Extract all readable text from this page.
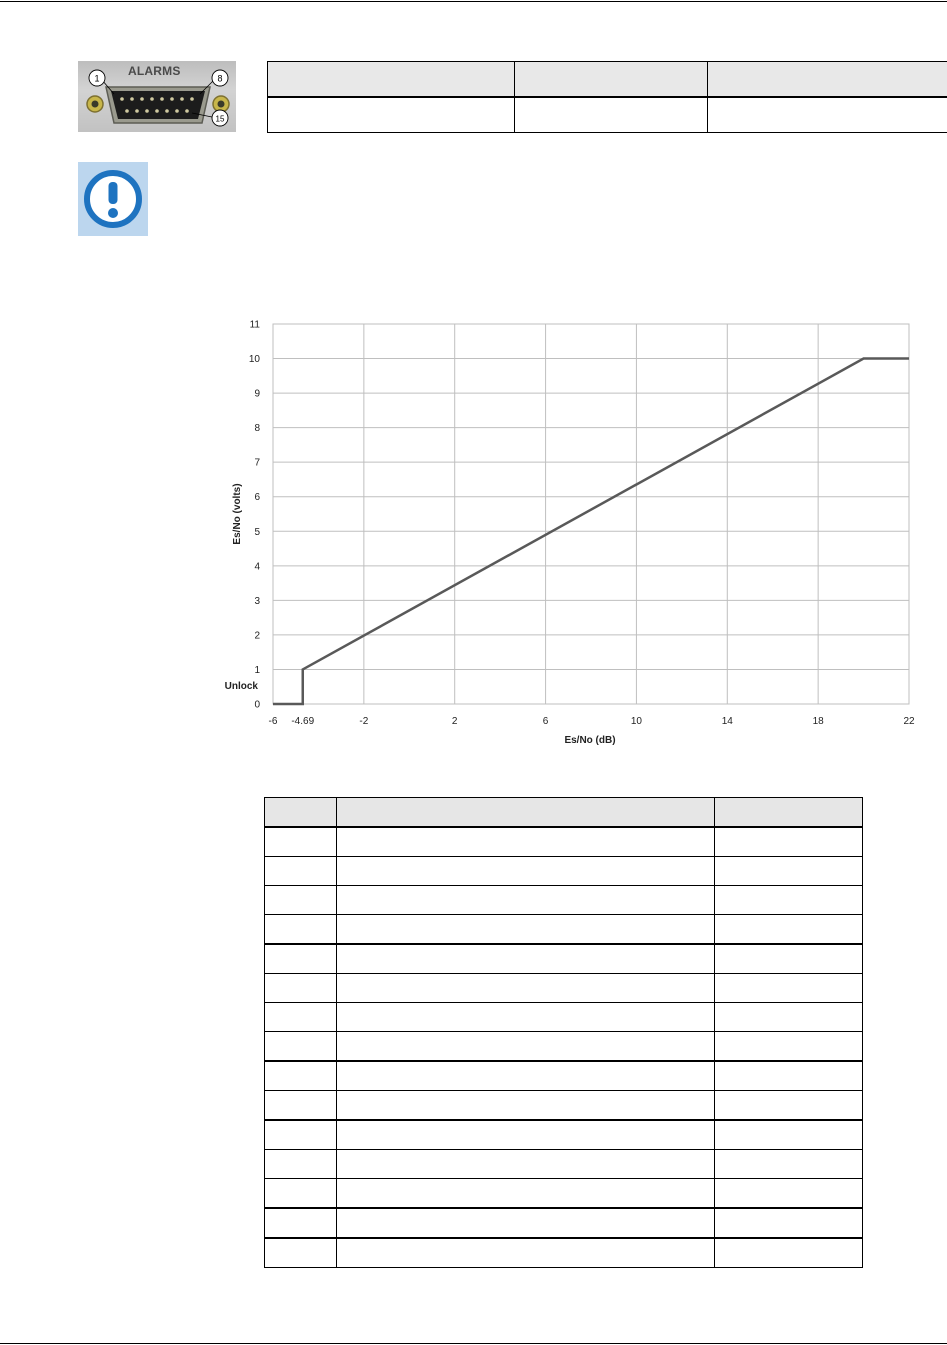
1	8
15
ALARMS

0
1
2
3
4
5
6
7
8
9
10
11
-6 -4.69	-2	2	6	10	14	18	22
Es/No (dB)
Es/No (volts)
Unlock
